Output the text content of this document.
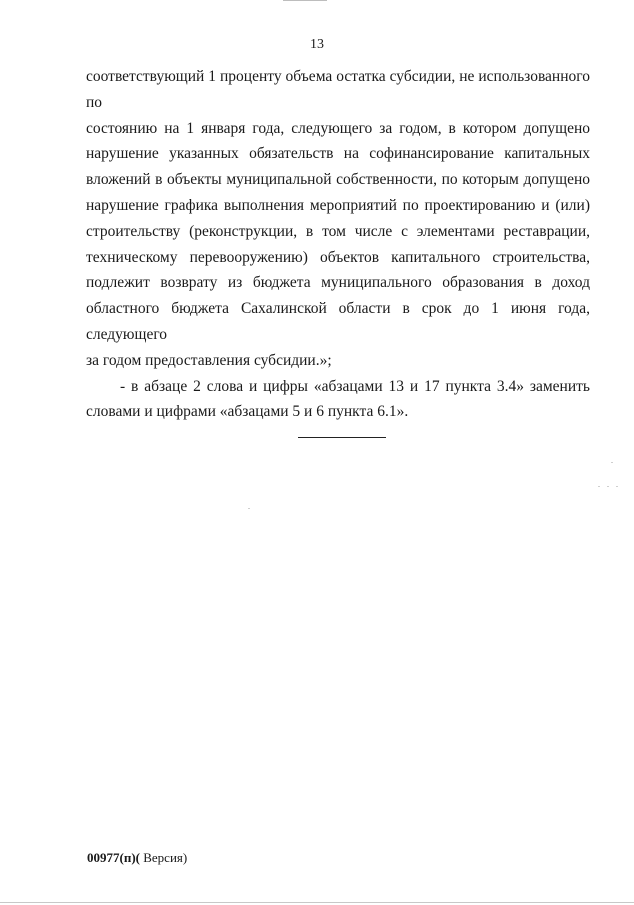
13
соответствующий 1 проценту объема остатка субсидии, не использованного по
состоянию на 1 января года, следующего за годом, в котором допущено
нарушение указанных обязательств на софинансирование капитальных
вложений в объекты муниципальной собственности, по которым допущено
нарушение графика выполнения мероприятий по проектированию и (или)
строительству (реконструкции, в том числе с элементами реставрации,
техническому перевооружению) объектов капитального строительства,
подлежит возврату из бюджета муниципального образования в доход
областного бюджета Сахалинской области в срок до 1 июня года, следующего
за годом предоставления субсидии.»;
- в абзаце 2 слова и цифры «абзацами 13 и 17 пункта 3.4» заменить
словами и цифрами «абзацами 5 и 6 пункта 6.1».
00977(п)( Версия)
